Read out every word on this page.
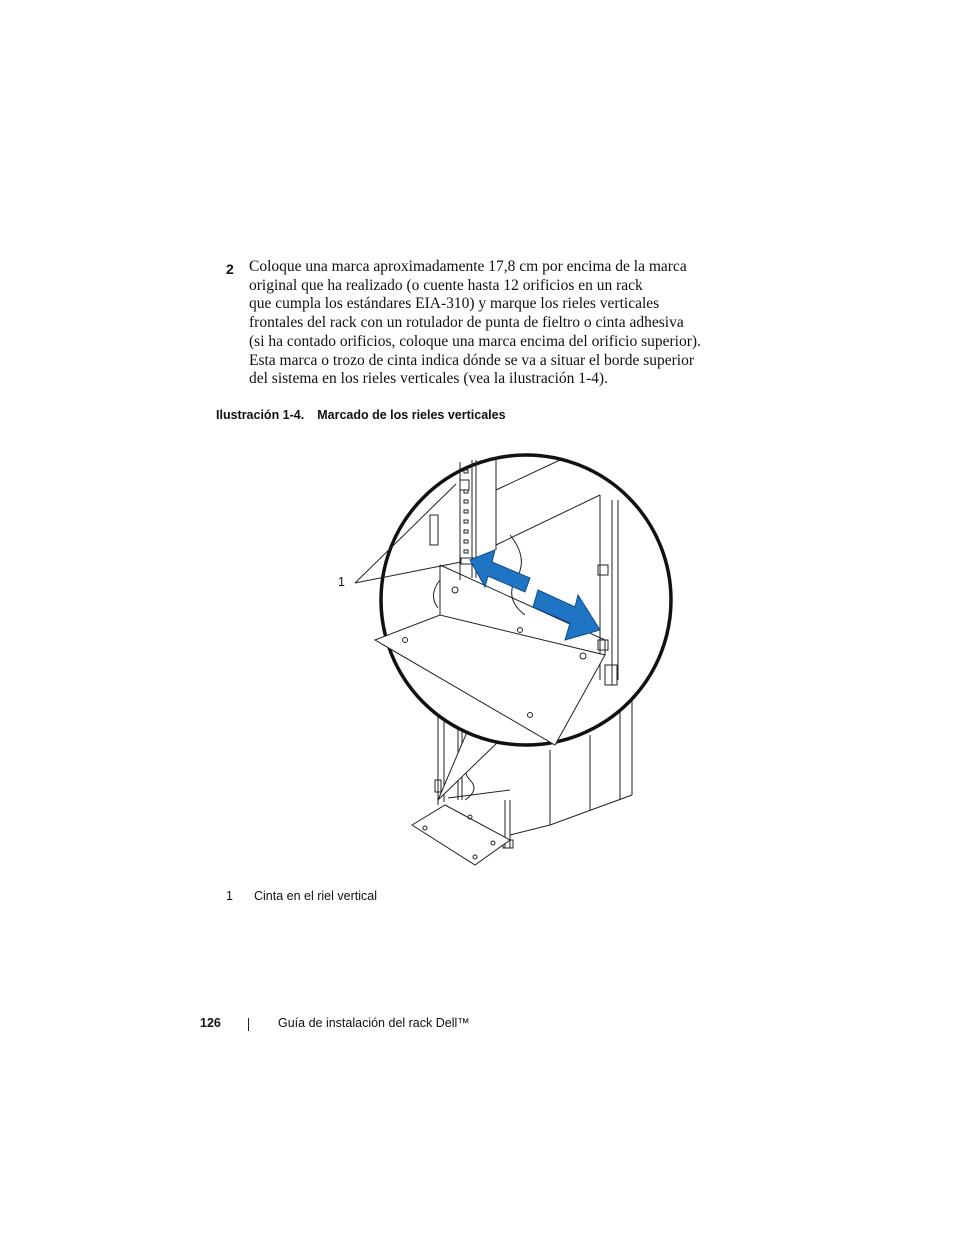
2 Coloque una marca aproximadamente 17,8 cm por encima de la marca
original que ha realizado (o cuente hasta 12 orificios en un rack
que cumpla los estándares EIA-310) y marque los rieles verticales
frontales del rack con un rotulador de punta de fieltro o cinta adhesiva
(si ha contado orificios, coloque una marca encima del orificio superior).
Esta marca o trozo de cinta indica dónde se va a situar el borde superior
del sistema en los rieles verticales (vea la ilustración 1-4).
Ilustración 1-4. Marcado de los rieles verticales
1
1 Cinta en el riel vertical
126	Guía de instalación del rack Dell™
